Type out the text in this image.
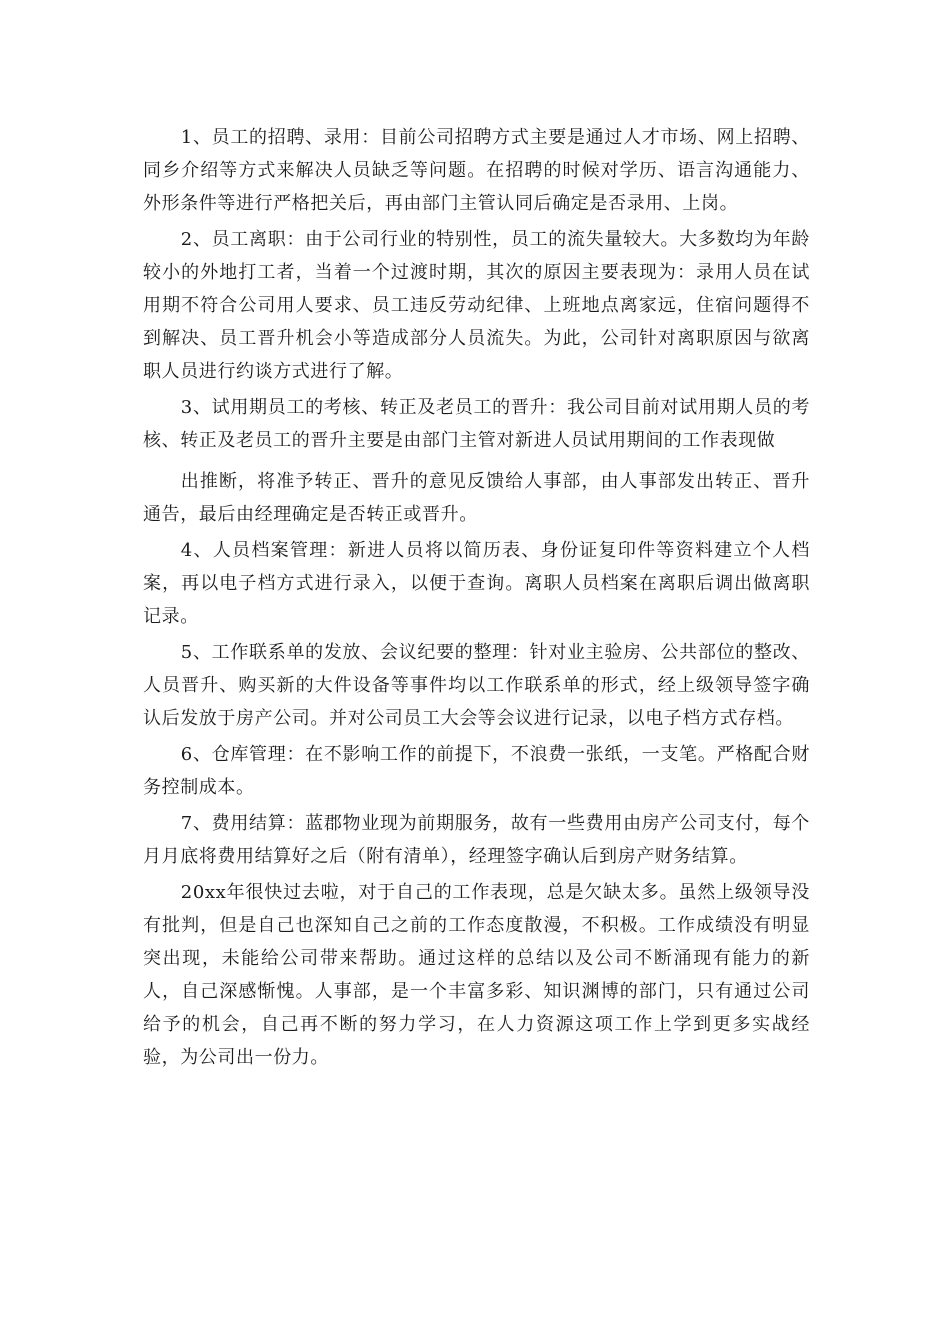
1、员工的招聘、录用：目前公司招聘方式主要是通过人才市场、网上招聘、同乡介绍等方式来解决人员缺乏等问题。在招聘的时候对学历、语言沟通能力、外形条件等进行严格把关后，再由部门主管认同后确定是否录用、上岗。

2、员工离职：由于公司行业的特别性，员工的流失量较大。大多数均为年龄较小的外地打工者，当着一个过渡时期，其次的原因主要表现为：录用人员在试用期不符合公司用人要求、员工违反劳动纪律、上班地点离家远，住宿问题得不到解决、员工晋升机会小等造成部分人员流失。为此，公司针对离职原因与欲离职人员进行约谈方式进行了解。

3、试用期员工的考核、转正及老员工的晋升：我公司目前对试用期人员的考核、转正及老员工的晋升主要是由部门主管对新进人员试用期间的工作表现做

出推断，将准予转正、晋升的意见反馈给人事部，由人事部发出转正、晋升通告，最后由经理确定是否转正或晋升。

4、人员档案管理：新进人员将以简历表、身份证复印件等资料建立个人档案，再以电子档方式进行录入，以便于查询。离职人员档案在离职后调出做离职记录。

5、工作联系单的发放、会议纪要的整理：针对业主验房、公共部位的整改、人员晋升、购买新的大件设备等事件均以工作联系单的形式，经上级领导签字确认后发放于房产公司。并对公司员工大会等会议进行记录，以电子档方式存档。

6、仓库管理：在不影响工作的前提下，不浪费一张纸，一支笔。严格配合财务控制成本。

7、费用结算：蓝郡物业现为前期服务，故有一些费用由房产公司支付，每个月月底将费用结算好之后（附有清单），经理签字确认后到房产财务结算。

20xx年很快过去啦，对于自己的工作表现，总是欠缺太多。虽然上级领导没有批判，但是自己也深知自己之前的工作态度散漫，不积极。工作成绩没有明显突出现，未能给公司带来帮助。通过这样的总结以及公司不断涌现有能力的新人，自己深感惭愧。人事部，是一个丰富多彩、知识渊博的部门，只有通过公司给予的机会，自己再不断的努力学习，在人力资源这项工作上学到更多实战经验，为公司出一份力。
